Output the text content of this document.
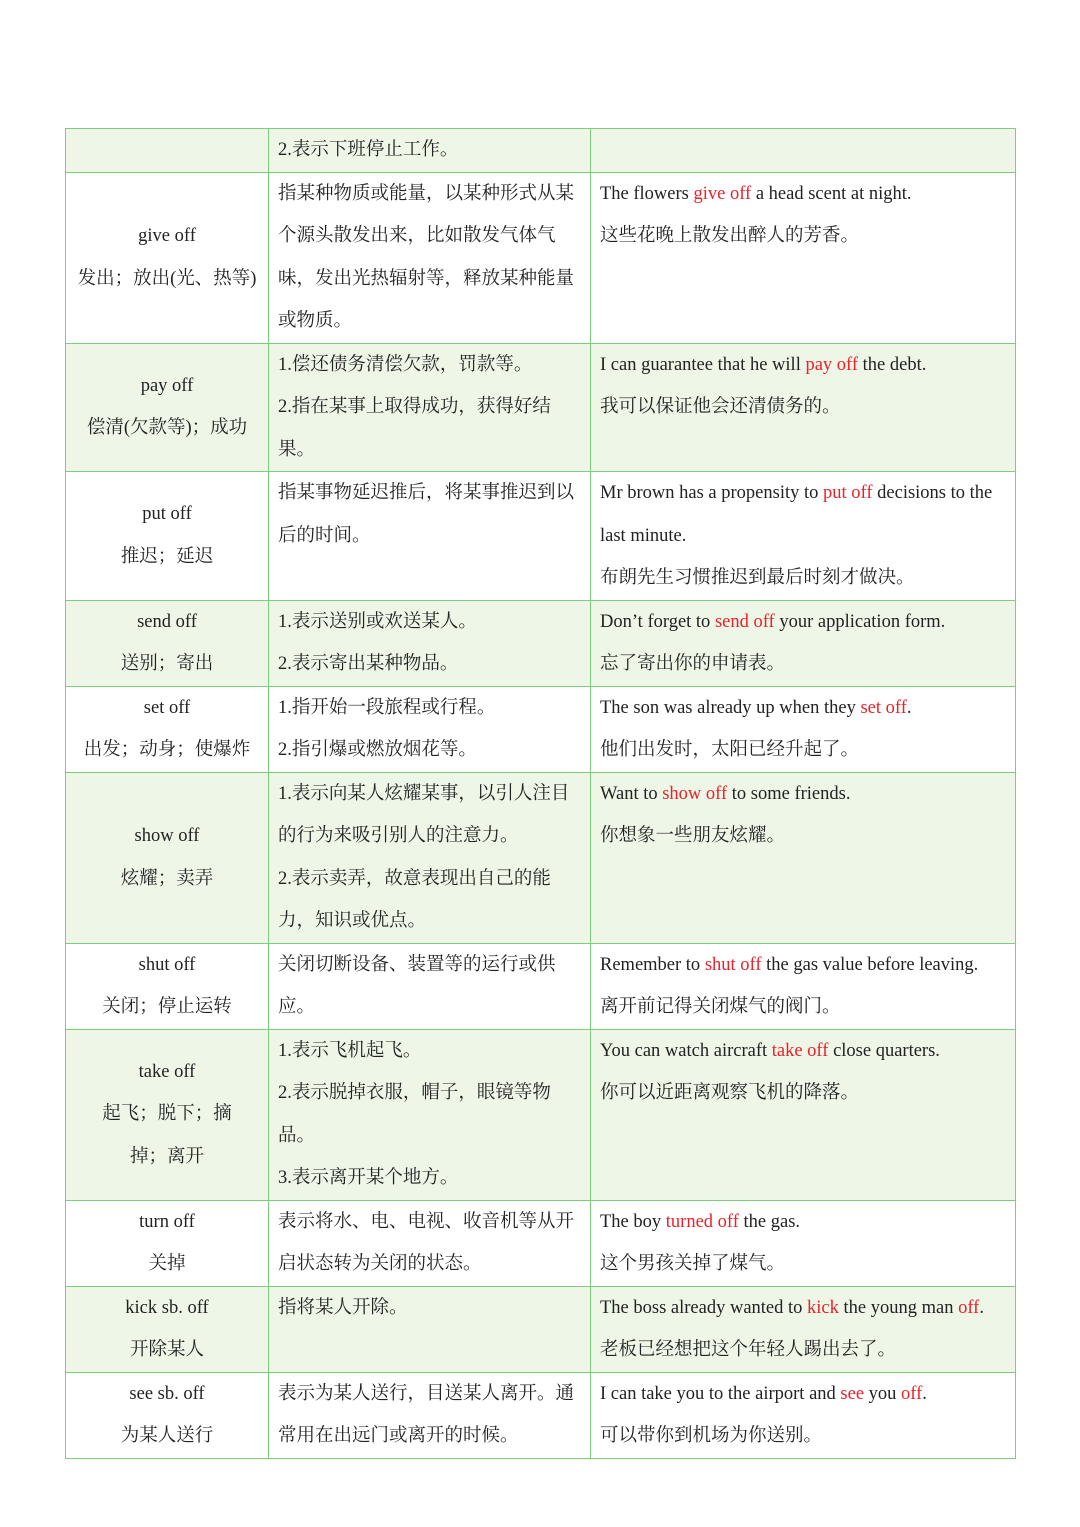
	2.表示下班停止工作。	

give off
发出；放出(光、热等)	指某种物质或能量，以某种形式从某个源头散发出来，比如散发气体气味，发出光热辐射等，释放某种能量或物质。	The flowers give off a head scent at night.
这些花晚上散发出醉人的芳香。

pay off
偿清(欠款等)；成功	1.偿还债务清偿欠款，罚款等。
2.指在某事上取得成功，获得好结果。	I can guarantee that he will pay off the debt.
我可以保证他会还清债务的。

put off
推迟；延迟	指某事物延迟推后，将某事推迟到以后的时间。	Mr brown has a propensity to put off decisions to the last minute.
布朗先生习惯推迟到最后时刻才做决。

send off
送别；寄出	1.表示送别或欢送某人。
2.表示寄出某种物品。	Don’t forget to send off your application form.
忘了寄出你的申请表。

set off
出发；动身；使爆炸	1.指开始一段旅程或行程。
2.指引爆或燃放烟花等。	The son was already up when they set off.
他们出发时，太阳已经升起了。

show off
炫耀；卖弄	1.表示向某人炫耀某事，以引人注目的行为来吸引别人的注意力。
2.表示卖弄，故意表现出自己的能力，知识或优点。	Want to show off to some friends.
你想象一些朋友炫耀。

shut off
关闭；停止运转	关闭切断设备、装置等的运行或供应。	Remember to shut off the gas value before leaving.
离开前记得关闭煤气的阀门。

take off
起飞；脱下；摘掉；离开	1.表示飞机起飞。
2.表示脱掉衣服，帽子，眼镜等物品。
3.表示离开某个地方。	You can watch aircraft take off close quarters.
你可以近距离观察飞机的降落。

turn off
关掉	表示将水、电、电视、收音机等从开启状态转为关闭的状态。	The boy turned off the gas.
这个男孩关掉了煤气。

kick sb. off
开除某人	指将某人开除。	The boss already wanted to kick the young man off.
老板已经想把这个年轻人踢出去了。

see sb. off
为某人送行	表示为某人送行，目送某人离开。通常用在出远门或离开的时候。	I can take you to the airport and see you off.
可以带你到机场为你送别。
